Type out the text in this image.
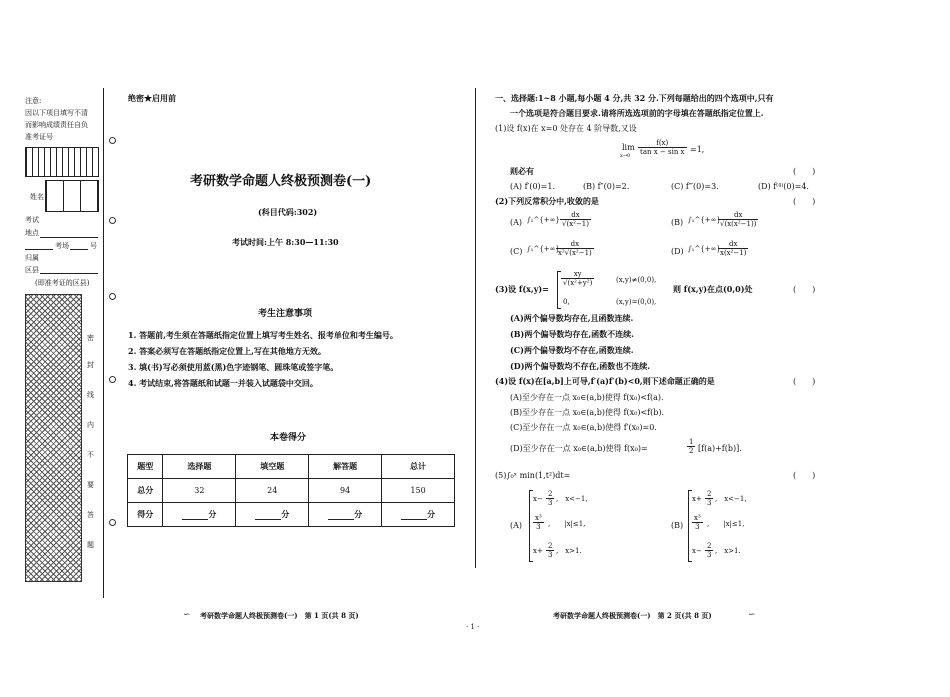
注意:
因以下项目填写不清
而影响成绩责任自负
准考证号
姓名
考试
地点
考场	号
归属
区县
(即准考证的区县)
密
封
线
内
不
要
答
题
绝密★启用前
考研数学命题人终极预测卷(一)
(科目代码:302)
考试时间:上午 8:30—11:30
考生注意事项
1. 答题前,考生须在答题纸指定位置上填写考生姓名、报考单位和考生编号。
2. 答案必须写在答题纸指定位置上,写在其他地方无效。
3. 填(书)写必须使用蓝(黑)色字迹钢笔、圆珠笔或签字笔。
4. 考试结束,将答题纸和试题一并装入试题袋中交回。
本卷得分
题型	选择题	填空题	解答题	总计
总分	32	24	94	150
得分	分	分	分	分
一、选择题:1~8 小题,每小题 4 分,共 32 分.下列每题给出的四个选项中,只有
一个选项是符合题目要求.请将所选选项前的字母填在答题纸指定位置上.
(1)设 f(x)在 x=0 处存在 4 阶导数,又设
lim
$x\to 0 \frac{f(x)}{\text{tan x − sin x}} =1$,
则必有	(　　)
(A) f′(0)=1.	(B) f″(0)=2.	(C) f‴(0)=3.	(D) f⁽⁴⁾(0)=4.
(2)下列反常积分中,收敛的是	(　　)
(A) ∫₁^{+∞} $\frac{dx}{\text{√(x²−1)}}$	(B) ∫₁^{+∞}
$\frac{dx}{\text{√(x(x²−1))}}$
(C) ∫₁^{+∞}
$\frac{dx}{\text{x²√(x²−1)}}$	(D) ∫₁^{+∞}
$\frac{dx}{\text{x(x²−1)}}$
(3)设 f(x,y)=
$\frac{xy}{\text{√(x²+y²)}}$	(x,y)≠(0,0),
0,	(x,y)=(0,0),
则 f(x,y)在点(0,0)处	(　　)
(A)两个偏导数均存在,且函数连续.
(B)两个偏导数均存在,函数不连续.
(C)两个偏导数均不存在,函数连续.
(D)两个偏导数均不存在,函数也不连续.
(4)设 f(x)在[a,b]上可导,f′(a)f′(b)<0,则下述命题正确的是	(　　)
(A)至少存在一点 x₀∈(a,b)使得 f(x₀)<f(a).
(B)至少存在一点 x₀∈(a,b)使得 f(x₀)<f(b).
(C)至少存在一点 x₀∈(a,b)使得 f′(x₀)=0.
(D)至少存在一点 x₀∈(a,b)使得 f(x₀)=	$\frac{1}{2} [f(a)+f(b)]$.
(5)∫₀ˣ min(1,t²)dt=	(　　)
(A)
$x- \frac{2}{3}$ ,　x<−1,
$\frac{\text{x³}}{3}$ ,　　|x|≤1,
$x+ \frac{2}{3}$ ,　x>1.
(B)
$x+ \frac{2}{3}$ ,　x<−1,
$\frac{\text{x³}}{3}$ ,　　|x|≤1,
$x- \frac{2}{3}$ ,　x>1.
∽ 考研数学命题人终极预测卷(一)　第 1 页(共 8 页)
· 1 ·
考研数学命题人终极预测卷(一)　第 2 页(共 8 页)	∽
